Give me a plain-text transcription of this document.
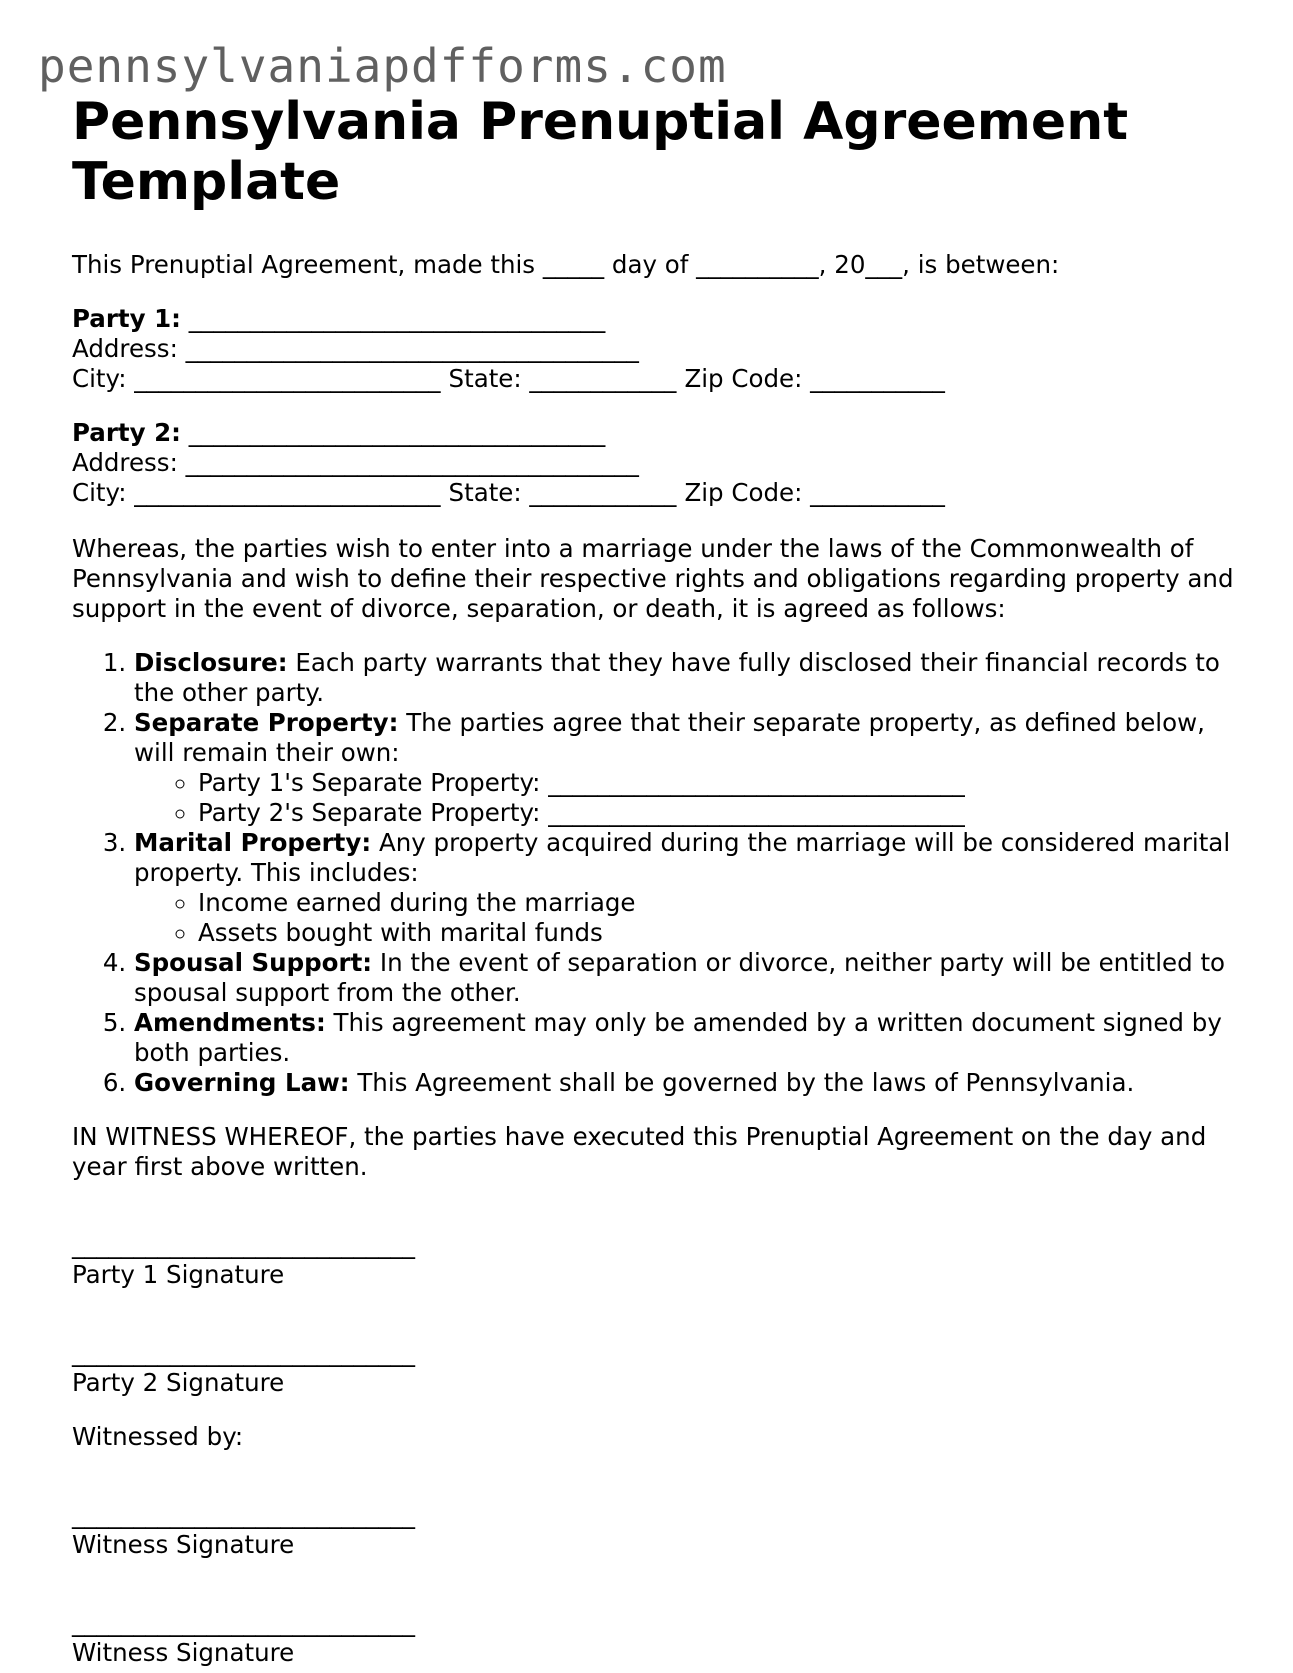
pennsylvaniapdfforms.com
Pennsylvania Prenuptial Agreement Template

This Prenuptial Agreement, made this _____ day of __________, 20___, is between:

Party 1: __________________________________
Address: _____________________________________
City: _________________________ State: ____________ Zip Code: ___________
Party 2: __________________________________
Address: _____________________________________
City: _________________________ State: ____________ Zip Code: ___________

Whereas, the parties wish to enter into a marriage under the laws of the Commonwealth of Pennsylvania and wish to define their respective rights and obligations regarding property and support in the event of divorce, separation, or death, it is agreed as follows:

1. Disclosure: Each party warrants that they have fully disclosed their financial records to the other party.
2. Separate Property: The parties agree that their separate property, as defined below, will remain their own:
◦ Party 1's Separate Property: __________________________________
◦ Party 2's Separate Property: __________________________________
3. Marital Property: Any property acquired during the marriage will be considered marital property. This includes:
◦ Income earned during the marriage
◦ Assets bought with marital funds
4. Spousal Support: In the event of separation or divorce, neither party will be entitled to spousal support from the other.
5. Amendments: This agreement may only be amended by a written document signed by both parties.
6. Governing Law: This Agreement shall be governed by the laws of Pennsylvania.

IN WITNESS WHEREOF, the parties have executed this Prenuptial Agreement on the day and year first above written.

____________________________
Party 1 Signature
____________________________
Party 2 Signature

Witnessed by:

____________________________
Witness Signature
____________________________
Witness Signature
